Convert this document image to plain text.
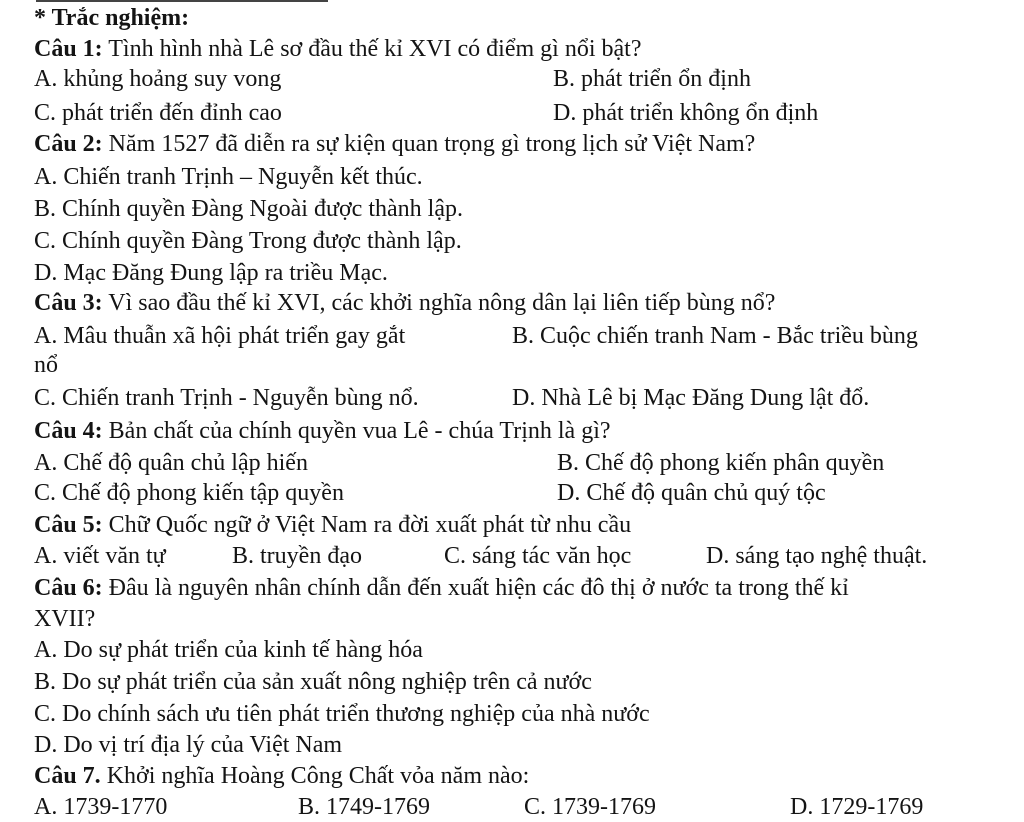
* Trắc nghiệm:
Câu 1: Tình hình nhà Lê sơ đầu thế kỉ XVI có điểm gì nổi bật?
A. khủng hoảng suy vong	B. phát triển ổn định
C. phát triển đến đỉnh cao	D. phát triển không ổn định
Câu 2: Năm 1527 đã diễn ra sự kiện quan trọng gì trong lịch sử Việt Nam?
A. Chiến tranh Trịnh – Nguyễn kết thúc.
B. Chính quyền Đàng Ngoài được thành lập.
C. Chính quyền Đàng Trong được thành lập.
D. Mạc Đăng Đung lập ra triều Mạc.
Câu 3: Vì sao đầu thế kỉ XVI, các khởi nghĩa nông dân lại liên tiếp bùng nổ?
A. Mâu thuẫn xã hội phát triển gay gắt	B. Cuộc chiến tranh Nam - Bắc triều bùng
nổ
C. Chiến tranh Trịnh - Nguyễn bùng nổ.	D. Nhà Lê bị Mạc Đăng Dung lật đổ.
Câu 4: Bản chất của chính quyền vua Lê - chúa Trịnh là gì?
A. Chế độ quân chủ lập hiến	B. Chế độ phong kiến phân quyền
C. Chế độ phong kiến tập quyền	D. Chế độ quân chủ quý tộc
Câu 5: Chữ Quốc ngữ ở Việt Nam ra đời xuất phát từ nhu cầu
A. viết văn tự	B. truyền đạo	C. sáng tác văn học	D. sáng tạo nghệ thuật.
Câu 6: Đâu là nguyên nhân chính dẫn đến xuất hiện các đô thị ở nước ta trong thế kỉ
XVII?
A. Do sự phát triển của kinh tế hàng hóa
B. Do sự phát triển của sản xuất nông nghiệp trên cả nước
C. Do chính sách ưu tiên phát triển thương nghiệp của nhà nước
D. Do vị trí địa lý của Việt Nam
Câu 7. Khởi nghĩa Hoàng Công Chất vỏa năm nào:
A. 1739-1770	B. 1749-1769	C. 1739-1769	D. 1729-1769
